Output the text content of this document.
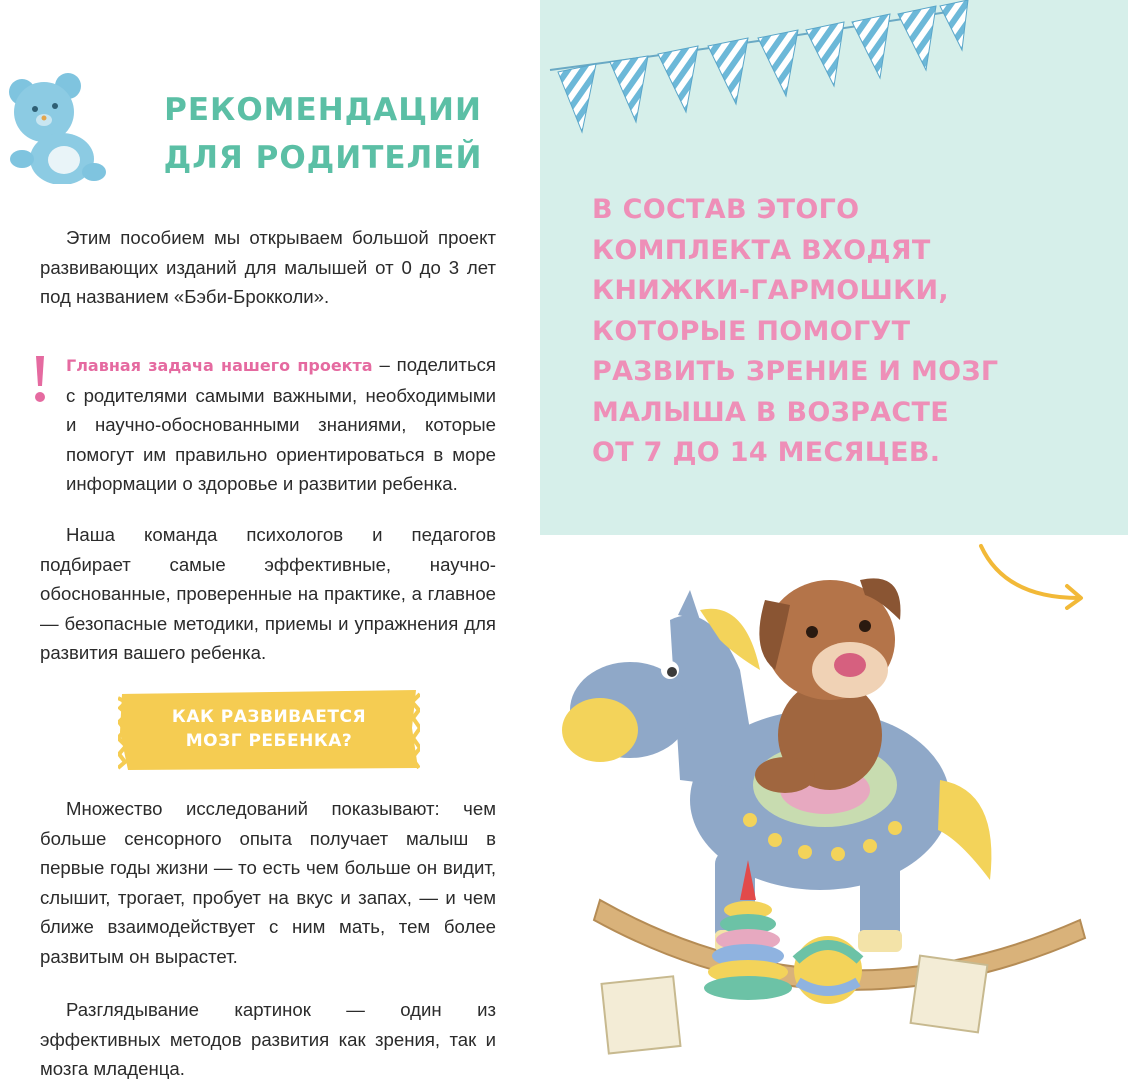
РЕКОМЕНДАЦИИ
ДЛЯ РОДИТЕЛЕЙ

Этим пособием мы открываем большой проект развивающих изданий для малышей от 0 до 3 лет под названием «Бэби-Брокколи».

Главная задача нашего проекта – поделиться с родителями самыми важными, необходимыми и научно-обоснованными знаниями, которые помогут им правильно ориентироваться в море информации о здоровье и развитии ребенка.

Наша команда психологов и педагогов подбирает самые эффективные, научно-обоснованные, проверенные на практике, а главное — безопасные методики, приемы и упражнения для развития вашего ребенка.

КАК РАЗВИВАЕТСЯ
МОЗГ РЕБЕНКА?

Множество исследований показывают: чем больше сенсорного опыта получает малыш в первые годы жизни — то есть чем больше он видит, слышит, трогает, пробует на вкус и запах, — и чем ближе взаимодействует с ним мать, тем более развитым он вырастет.

Разглядывание картинок — один из эффективных методов развития как зрения, так и мозга младенца.

В СОСТАВ ЭТОГО
КОМПЛЕКТА ВХОДЯТ
КНИЖКИ-ГАРМОШКИ,
КОТОРЫЕ ПОМОГУТ
РАЗВИТЬ ЗРЕНИЕ И МОЗГ
МАЛЫША В ВОЗРАСТЕ
ОТ 7 ДО 14 МЕСЯЦЕВ.
